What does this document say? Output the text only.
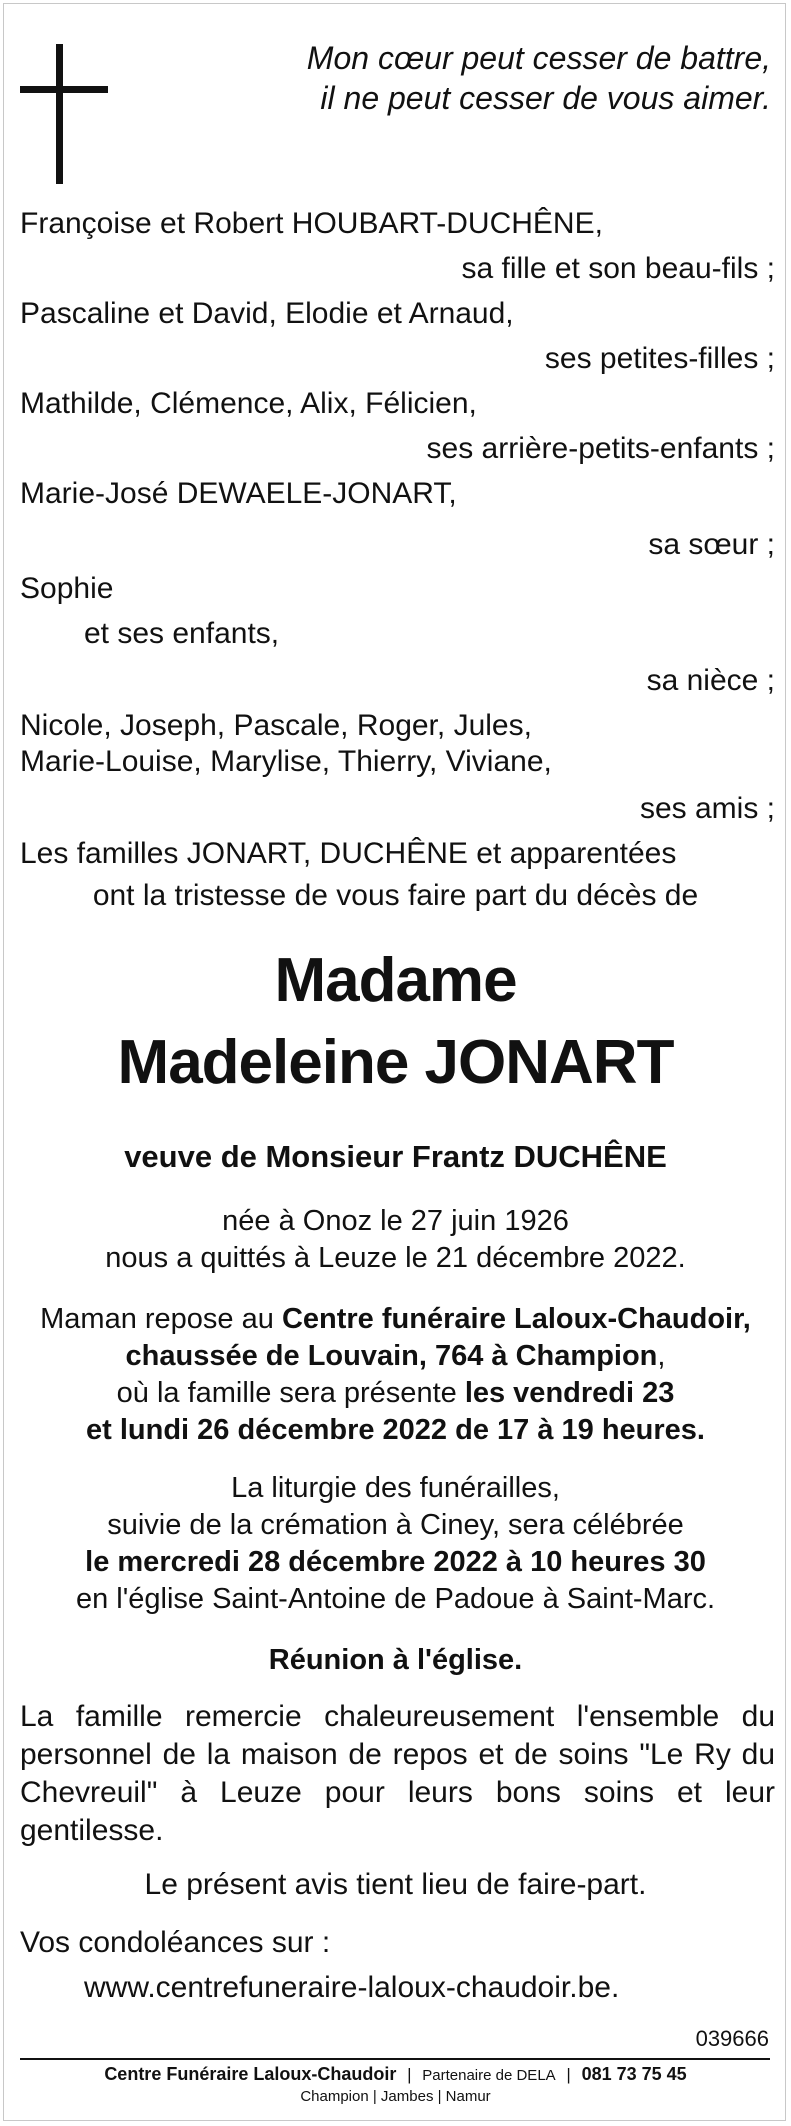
Mon cœur peut cesser de battre,
il ne peut cesser de vous aimer.
Françoise et Robert HOUBART-DUCHÊNE,
sa fille et son beau-fils ;
Pascaline et David, Elodie et Arnaud,
ses petites-filles ;
Mathilde, Clémence, Alix, Félicien,
ses arrière-petits-enfants ;
Marie-José DEWAELE-JONART,
sa sœur ;
Sophie
et ses enfants,
sa nièce ;
Nicole, Joseph, Pascale, Roger, Jules,
Marie-Louise, Marylise, Thierry, Viviane,
ses amis ;
Les familles JONART, DUCHÊNE et apparentées
ont la tristesse de vous faire part du décès de
Madame
Madeleine JONART
veuve de Monsieur Frantz DUCHÊNE
née à Onoz le 27 juin 1926
nous a quittés à Leuze le 21 décembre 2022.
Maman repose au Centre funéraire Laloux-Chaudoir,
chaussée de Louvain, 764 à Champion,
où la famille sera présente les vendredi 23
et lundi 26 décembre 2022 de 17 à 19 heures.
La liturgie des funérailles,
suivie de la crémation à Ciney, sera célébrée
le mercredi 28 décembre 2022 à 10 heures 30
en l'église Saint-Antoine de Padoue à Saint-Marc.
Réunion à l'église.
La famille remercie chaleureusement l'ensemble du personnel de la maison de repos et de soins "Le Ry du Chevreuil" à Leuze pour leurs bons soins et leur gentilesse.
Le présent avis tient lieu de faire-part.
Vos condoléances sur :
www.centrefuneraire-laloux-chaudoir.be.
039666
Centre Funéraire Laloux-Chaudoir | Partenaire de DELA | 081 73 75 45
Champion | Jambes | Namur
